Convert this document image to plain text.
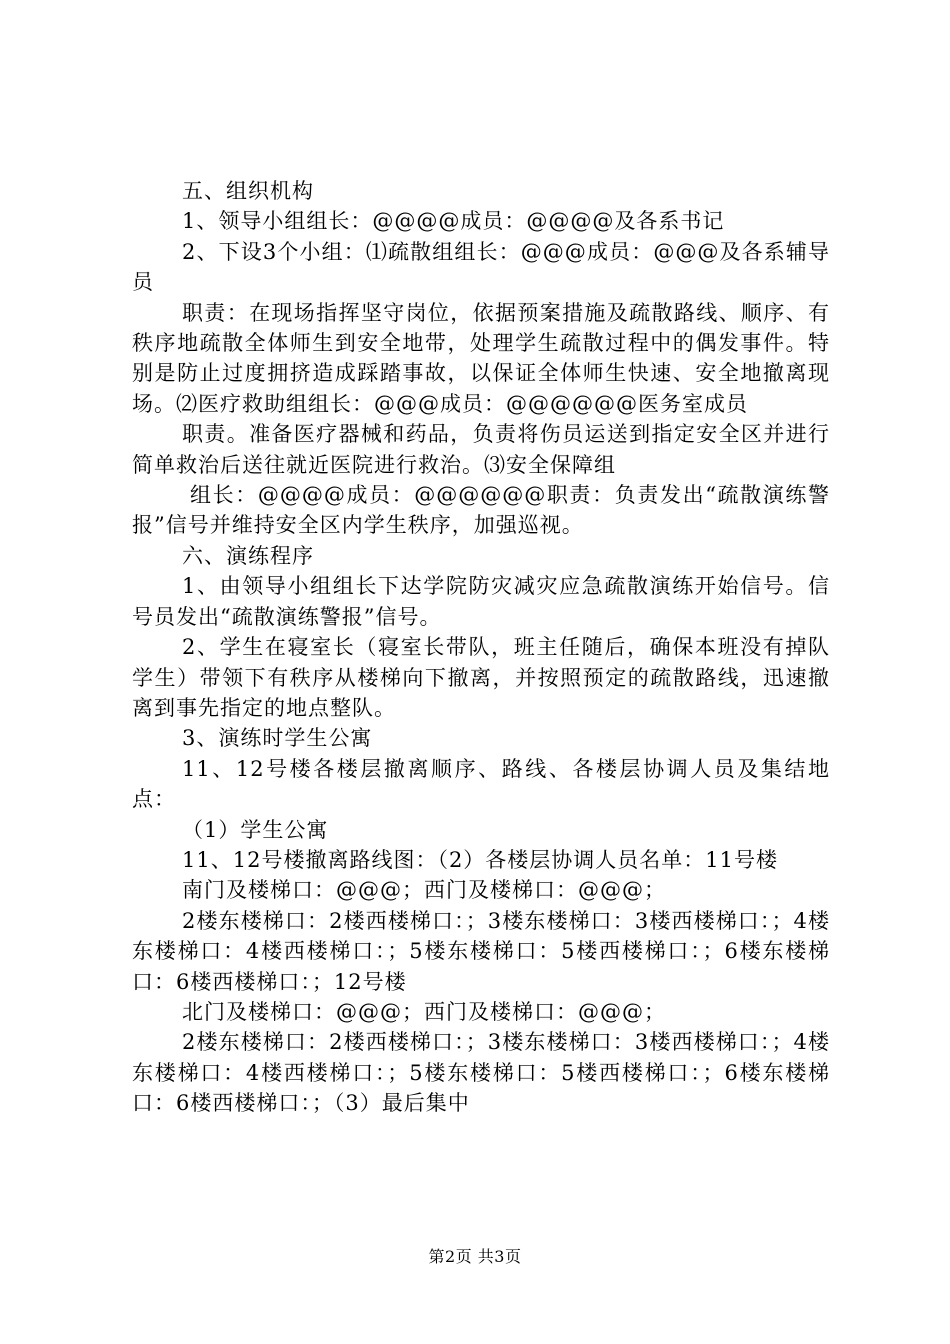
五、组织机构

1、领导小组组长：@@@@成员：@@@@及各系书记

2、下设3个小组：⑴疏散组组长：@@@成员：@@@及各系辅导员

职责：在现场指挥坚守岗位，依据预案措施及疏散路线、顺序、有秩序地疏散全体师生到安全地带，处理学生疏散过程中的偶发事件。特别是防止过度拥挤造成踩踏事故，以保证全体师生快速、安全地撤离现场。⑵医疗救助组组长：@@@成员：@@@@@@医务室成员

职责。准备医疗器械和药品，负责将伤员运送到指定安全区并进行简单救治后送往就近医院进行救治。⑶安全保障组

组长：@@@@成员：@@@@@@职责：负责发出“疏散演练警报”信号并维持安全区内学生秩序，加强巡视。

六、演练程序

1、由领导小组组长下达学院防灾减灾应急疏散演练开始信号。信号员发出“疏散演练警报”信号。

2、学生在寝室长（寝室长带队，班主任随后，确保本班没有掉队学生）带领下有秩序从楼梯向下撤离，并按照预定的疏散路线，迅速撤离到事先指定的地点整队。

3、演练时学生公寓

11、12号楼各楼层撤离顺序、路线、各楼层协调人员及集结地点：

（1）学生公寓

11、12号楼撤离路线图：（2）各楼层协调人员名单：11号楼

南门及楼梯口：@@@；西门及楼梯口：@@@；

2楼东楼梯口：2楼西楼梯口：；3楼东楼梯口：3楼西楼梯口：；4楼东楼梯口：4楼西楼梯口：；5楼东楼梯口：5楼西楼梯口：；6楼东楼梯口：6楼西楼梯口：；12号楼

北门及楼梯口：@@@；西门及楼梯口：@@@；

2楼东楼梯口：2楼西楼梯口：；3楼东楼梯口：3楼西楼梯口：；4楼东楼梯口：4楼西楼梯口：；5楼东楼梯口：5楼西楼梯口：；6楼东楼梯口：6楼西楼梯口：；（3）最后集中

第2页 共3页
